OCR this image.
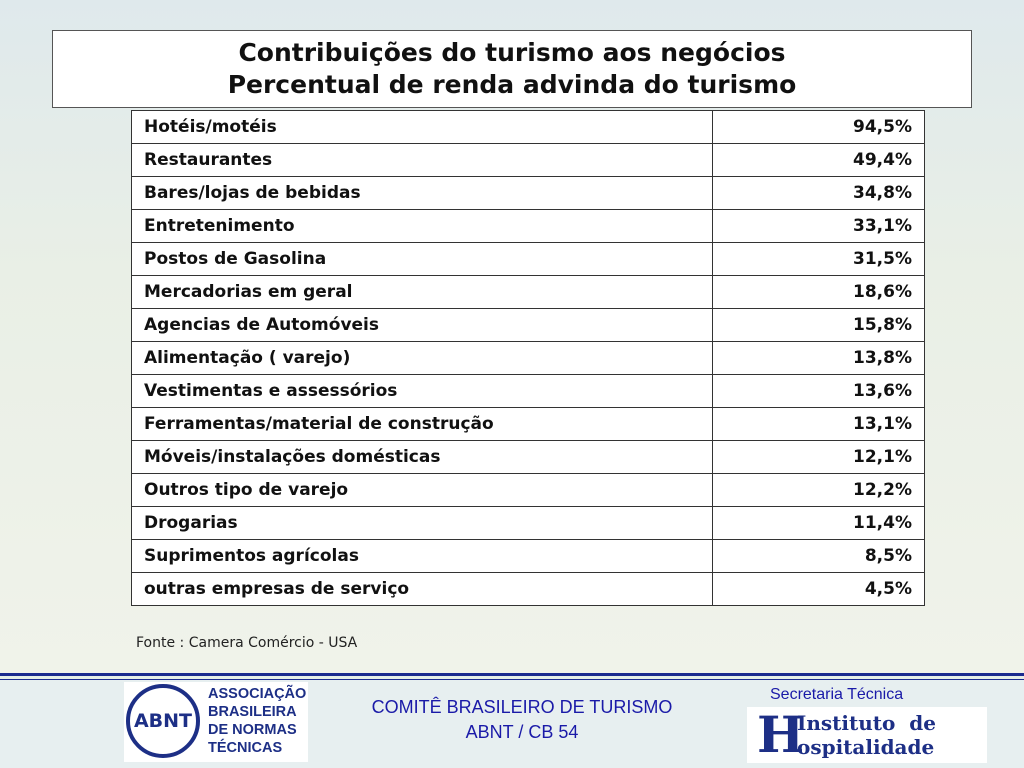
Contribuições do turismo aos negócios
Percentual de renda advinda do turismo
Hotéis/motéis	94,5%
Restaurantes	49,4%
Bares/lojas de bebidas	34,8%
Entretenimento	33,1%
Postos de Gasolina	31,5%
Mercadorias em geral	18,6%
Agencias de Automóveis	15,8%
Alimentação ( varejo)	13,8%
Vestimentas e assessórios	13,6%
Ferramentas/material de construção	13,1%
Móveis/instalações domésticas	12,1%
Outros tipo de varejo	12,2%
Drogarias	11,4%
Suprimentos agrícolas	8,5%
outras empresas de serviço	4,5%
Fonte : Camera Comércio - USA
ABNT
ASSOCIAÇÃO
BRASILEIRA
DE NORMAS
TÉCNICAS
COMITÊ BRASILEIRO DE TURISMO
ABNT / CB 54
Secretaria Técnica
H
Instituto  de
ospitalidade
